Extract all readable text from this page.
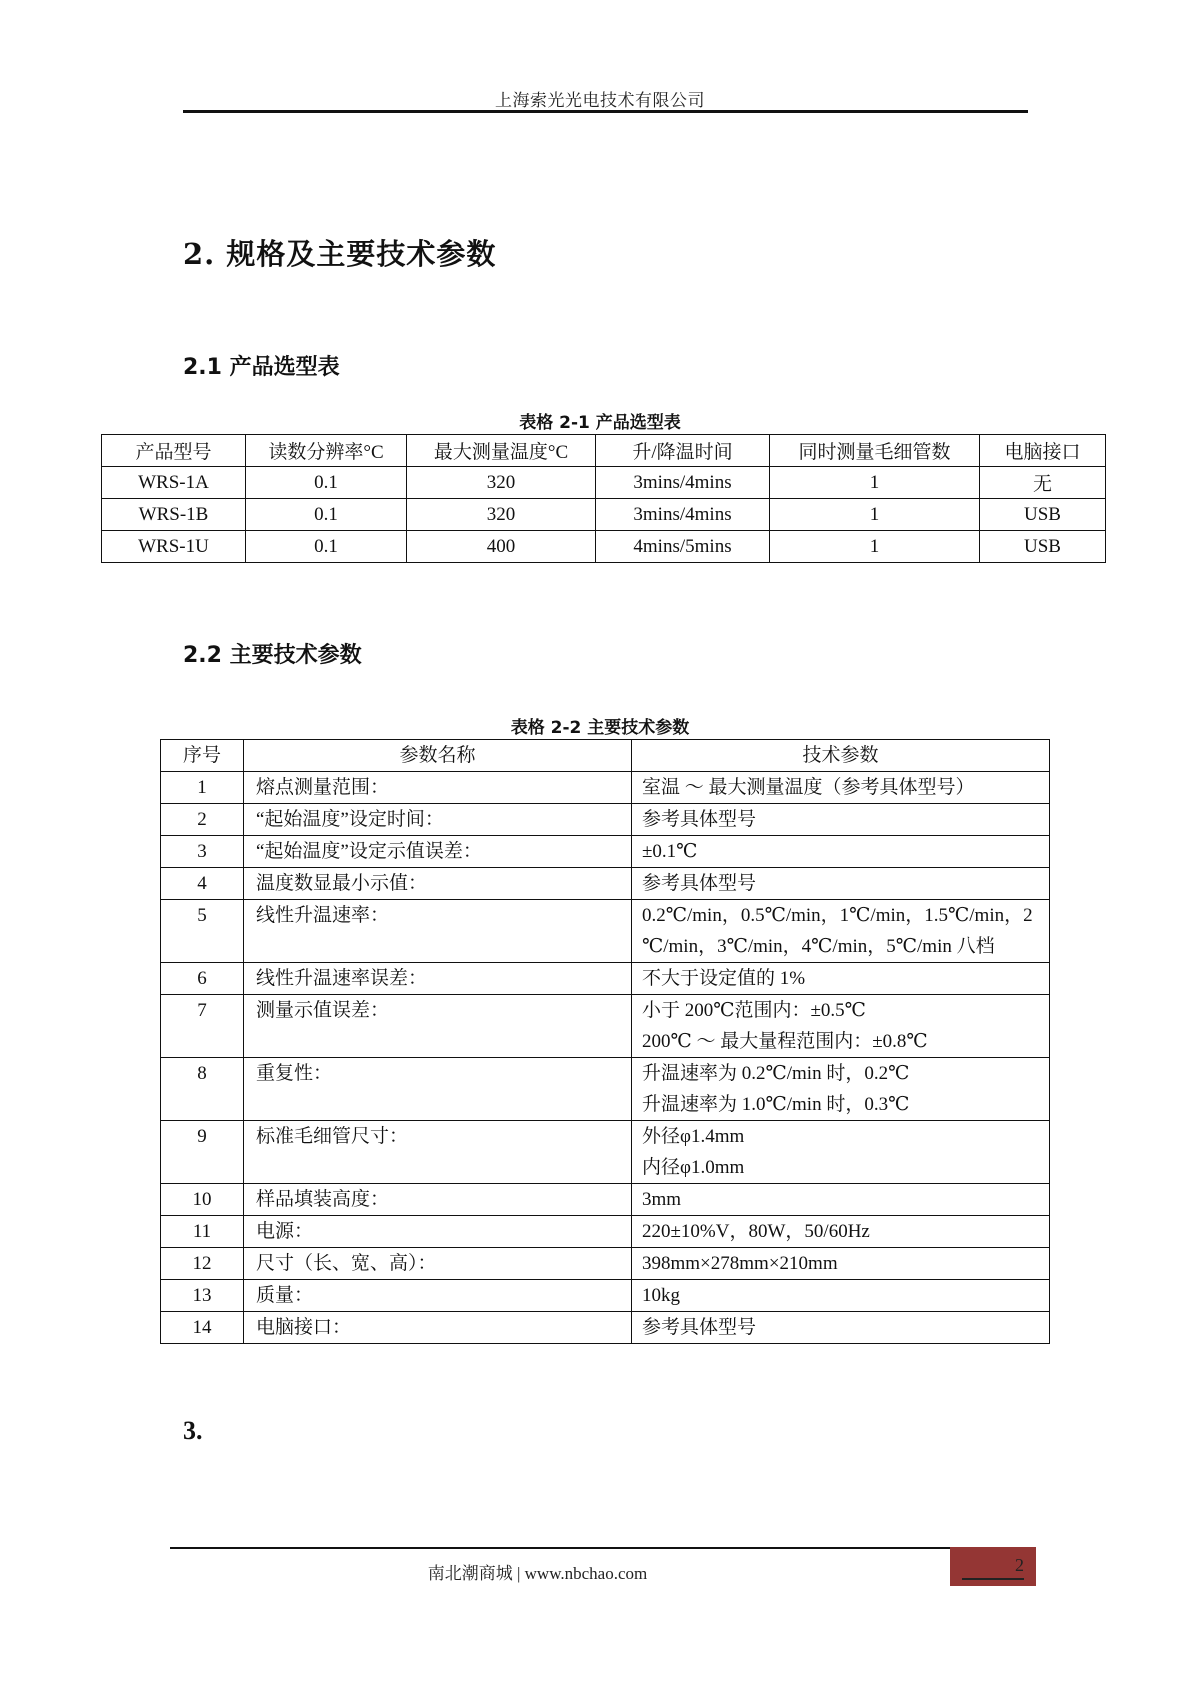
上海索光光电技术有限公司
2. 规格及主要技术参数
2.1 产品选型表
表格 2-1 产品选型表
产品型号	读数分辨率°C	最大测量温度°C	升/降温时间	同时测量毛细管数	电脑接口
WRS-1A	0.1	320	3mins/4mins	1	无
WRS-1B	0.1	320	3mins/4mins	1	USB
WRS-1U	0.1	400	4mins/5mins	1	USB
2.2 主要技术参数
表格 2-2 主要技术参数
序号	参数名称	技术参数
1	熔点测量范围：	室温 ～ 最大测量温度（参考具体型号）

2	“起始温度”设定时间：	参考具体型号

3	“起始温度”设定示值误差：	±0.1℃

4	温度数显最小示值：	参考具体型号

5	线性升温速率：	0.2℃/min，0.5℃/min，1℃/min，1.5℃/min，2
℃/min，3℃/min，4℃/min，5℃/min 八档

6	线性升温速率误差：	不大于设定值的 1%

7	测量示值误差：	小于 200℃范围内：±0.5℃
200℃ ～ 最大量程范围内：±0.8℃

8	重复性：	升温速率为 0.2℃/min 时，0.2℃
升温速率为 1.0℃/min 时，0.3℃

9	标准毛细管尺寸：	外径φ1.4mm
内径φ1.0mm

10	样品填装高度：	3mm

11	电源：	220±10%V，80W，50/60Hz

12	尺寸（长、宽、高）：	398mm×278mm×210mm

13	质量：	10kg

14	电脑接口：	参考具体型号
3.
南北潮商城 | www.nbchao.com	2
